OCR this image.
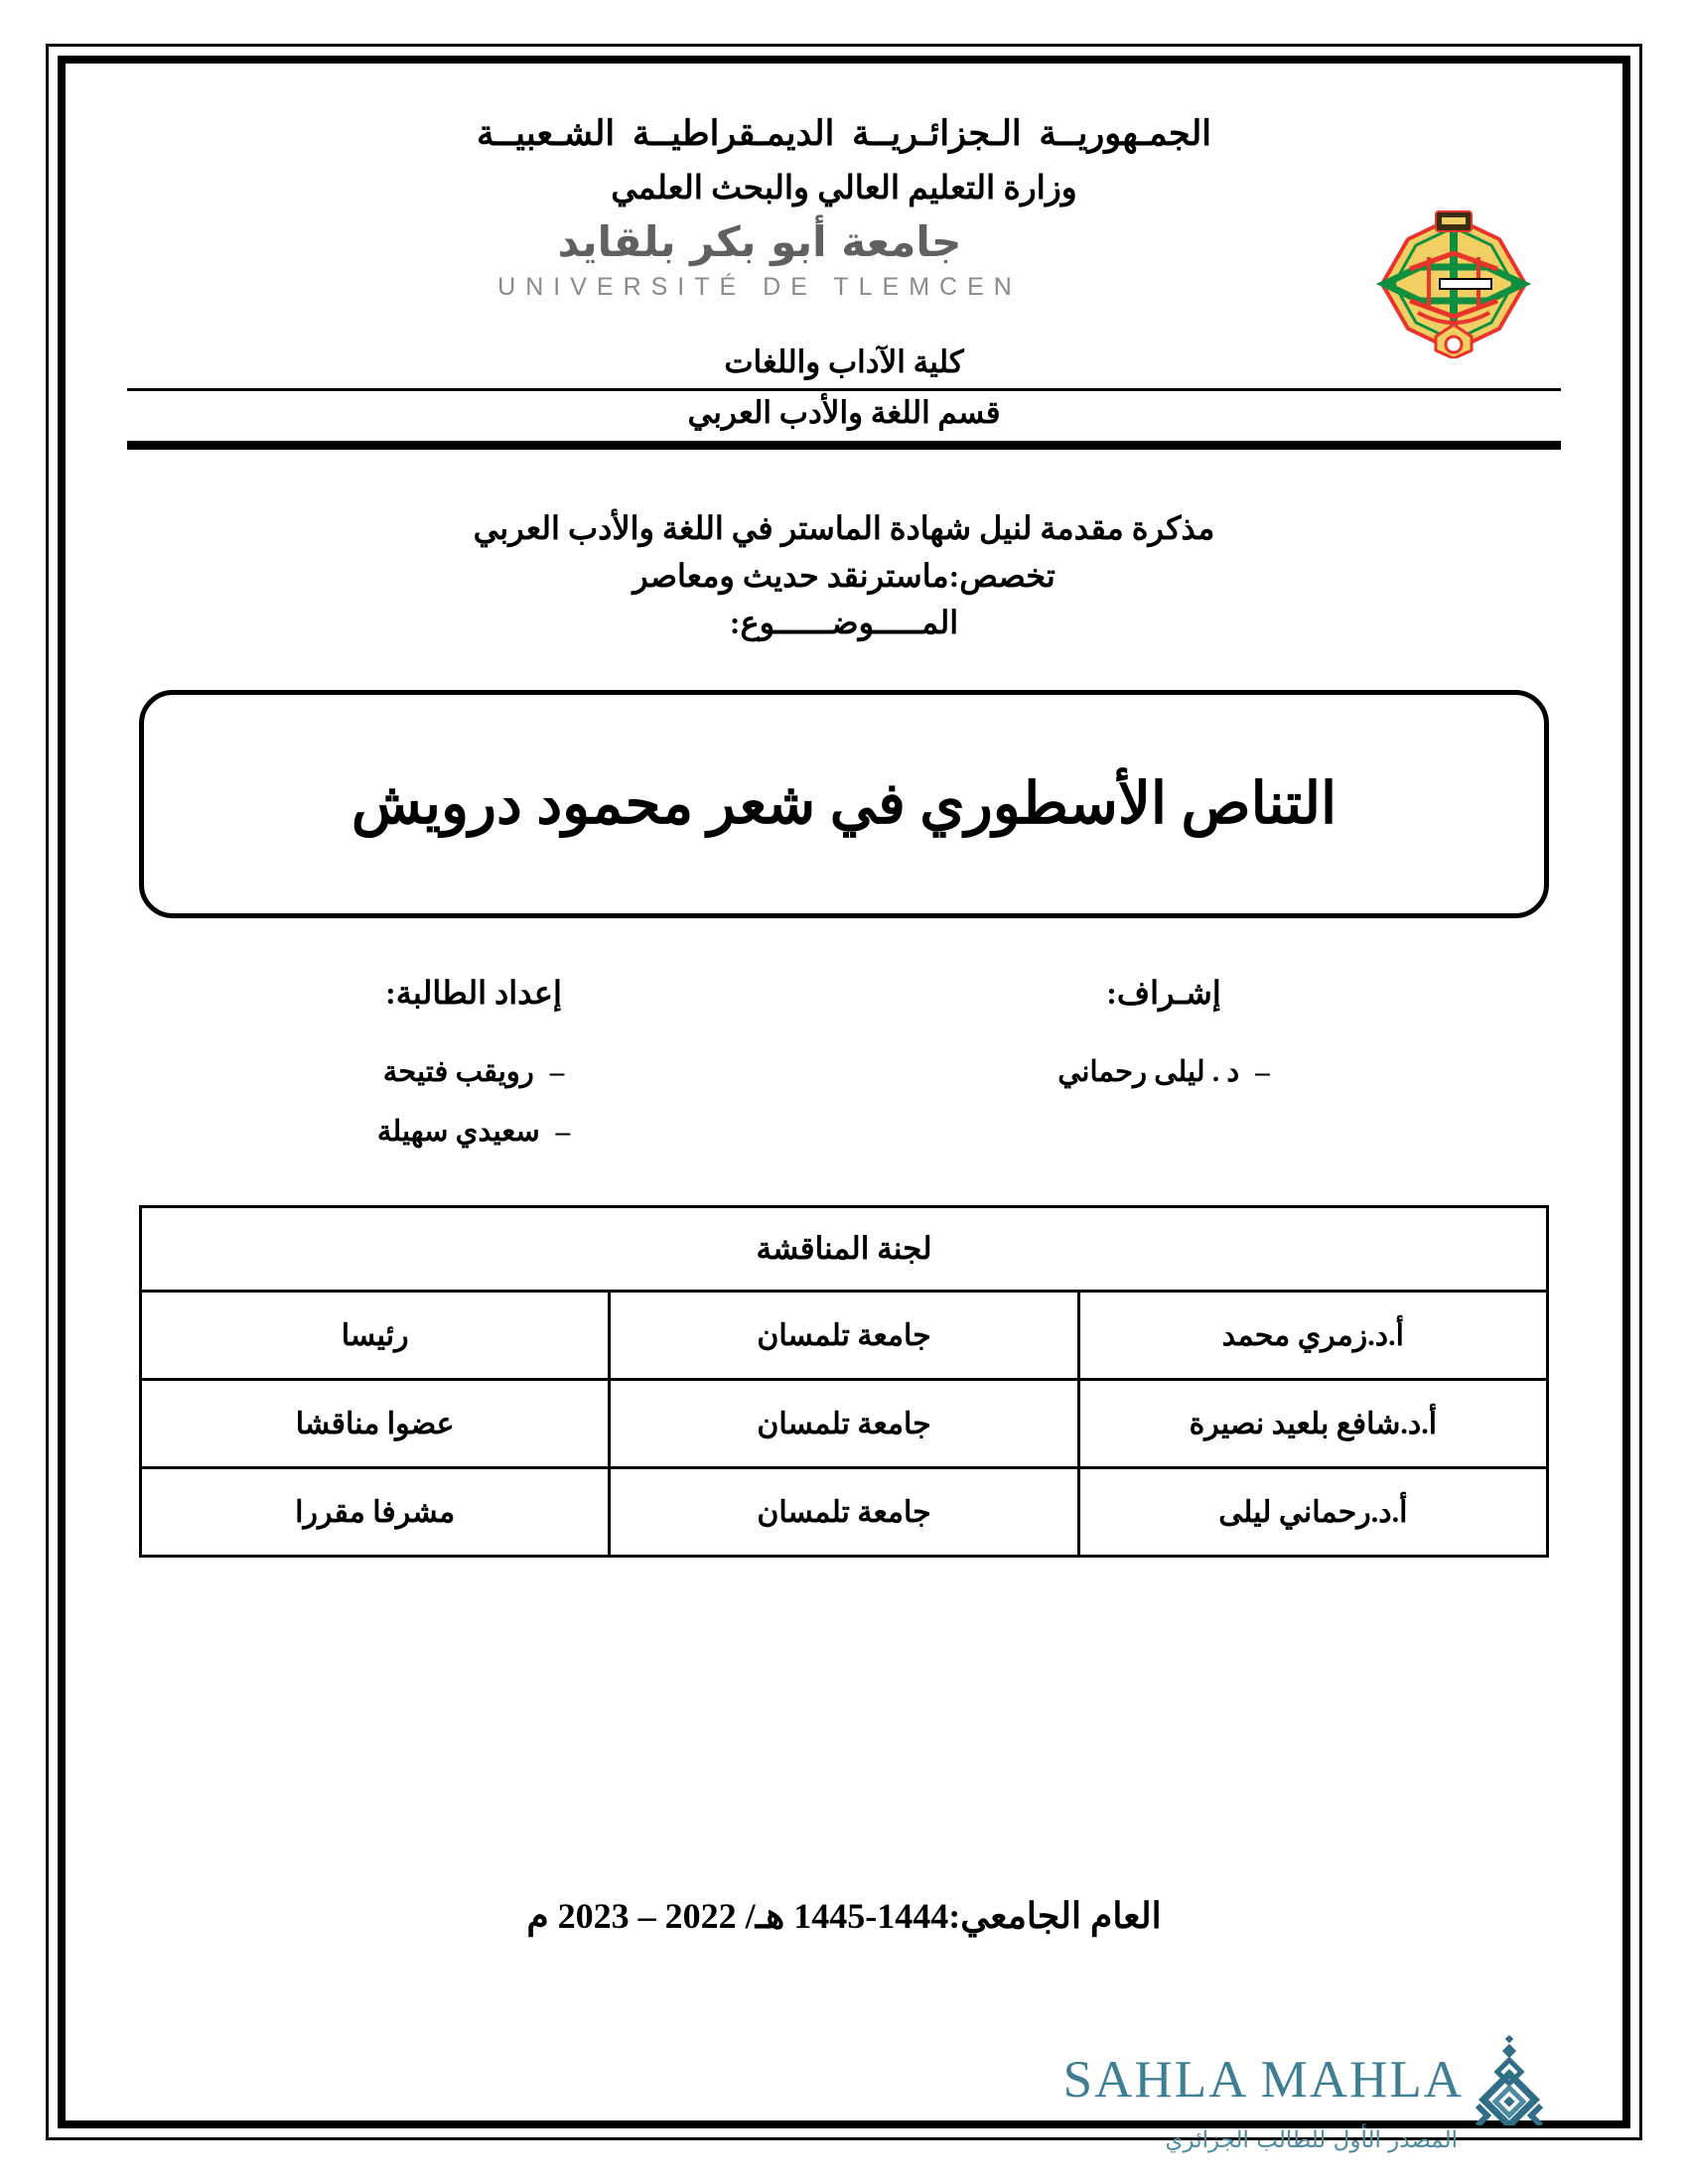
الجمـهوريــة الـجزائـريــة الديمـقراطيــة الشـعبيــة
وزارة التعليم العالي والبحث العلمي
جامعة أبو بكر بلقايد
UNIVERSITÉ DE TLEMCEN
كلية الآداب واللغات
قسم اللغة والأدب العربي
مذكرة مقدمة لنيل شهادة الماستر في اللغة والأدب العربي
تخصص:ماسترنقد حديث ومعاصر
المـــــوضــــــوع:
التناص الأسطوري في شعر محمود درويش
إشـراف:
–د . ليلى رحماني
إعداد الطالبة:
–رويقب فتيحة
–سعيدي سهيلة
لجنة المناقشة		
أ.د.زمري محمد	جامعة تلمسان	رئيسا
أ.د.شافع بلعيد نصيرة	جامعة تلمسان	عضوا مناقشا
أ.د.رحماني ليلى	جامعة تلمسان	مشرفا مقررا
العام الجامعي:1444-1445 هـ/ 2022 – 2023 م
SAHLA MAHLA
المصدر الأول للطالب الجزائري
